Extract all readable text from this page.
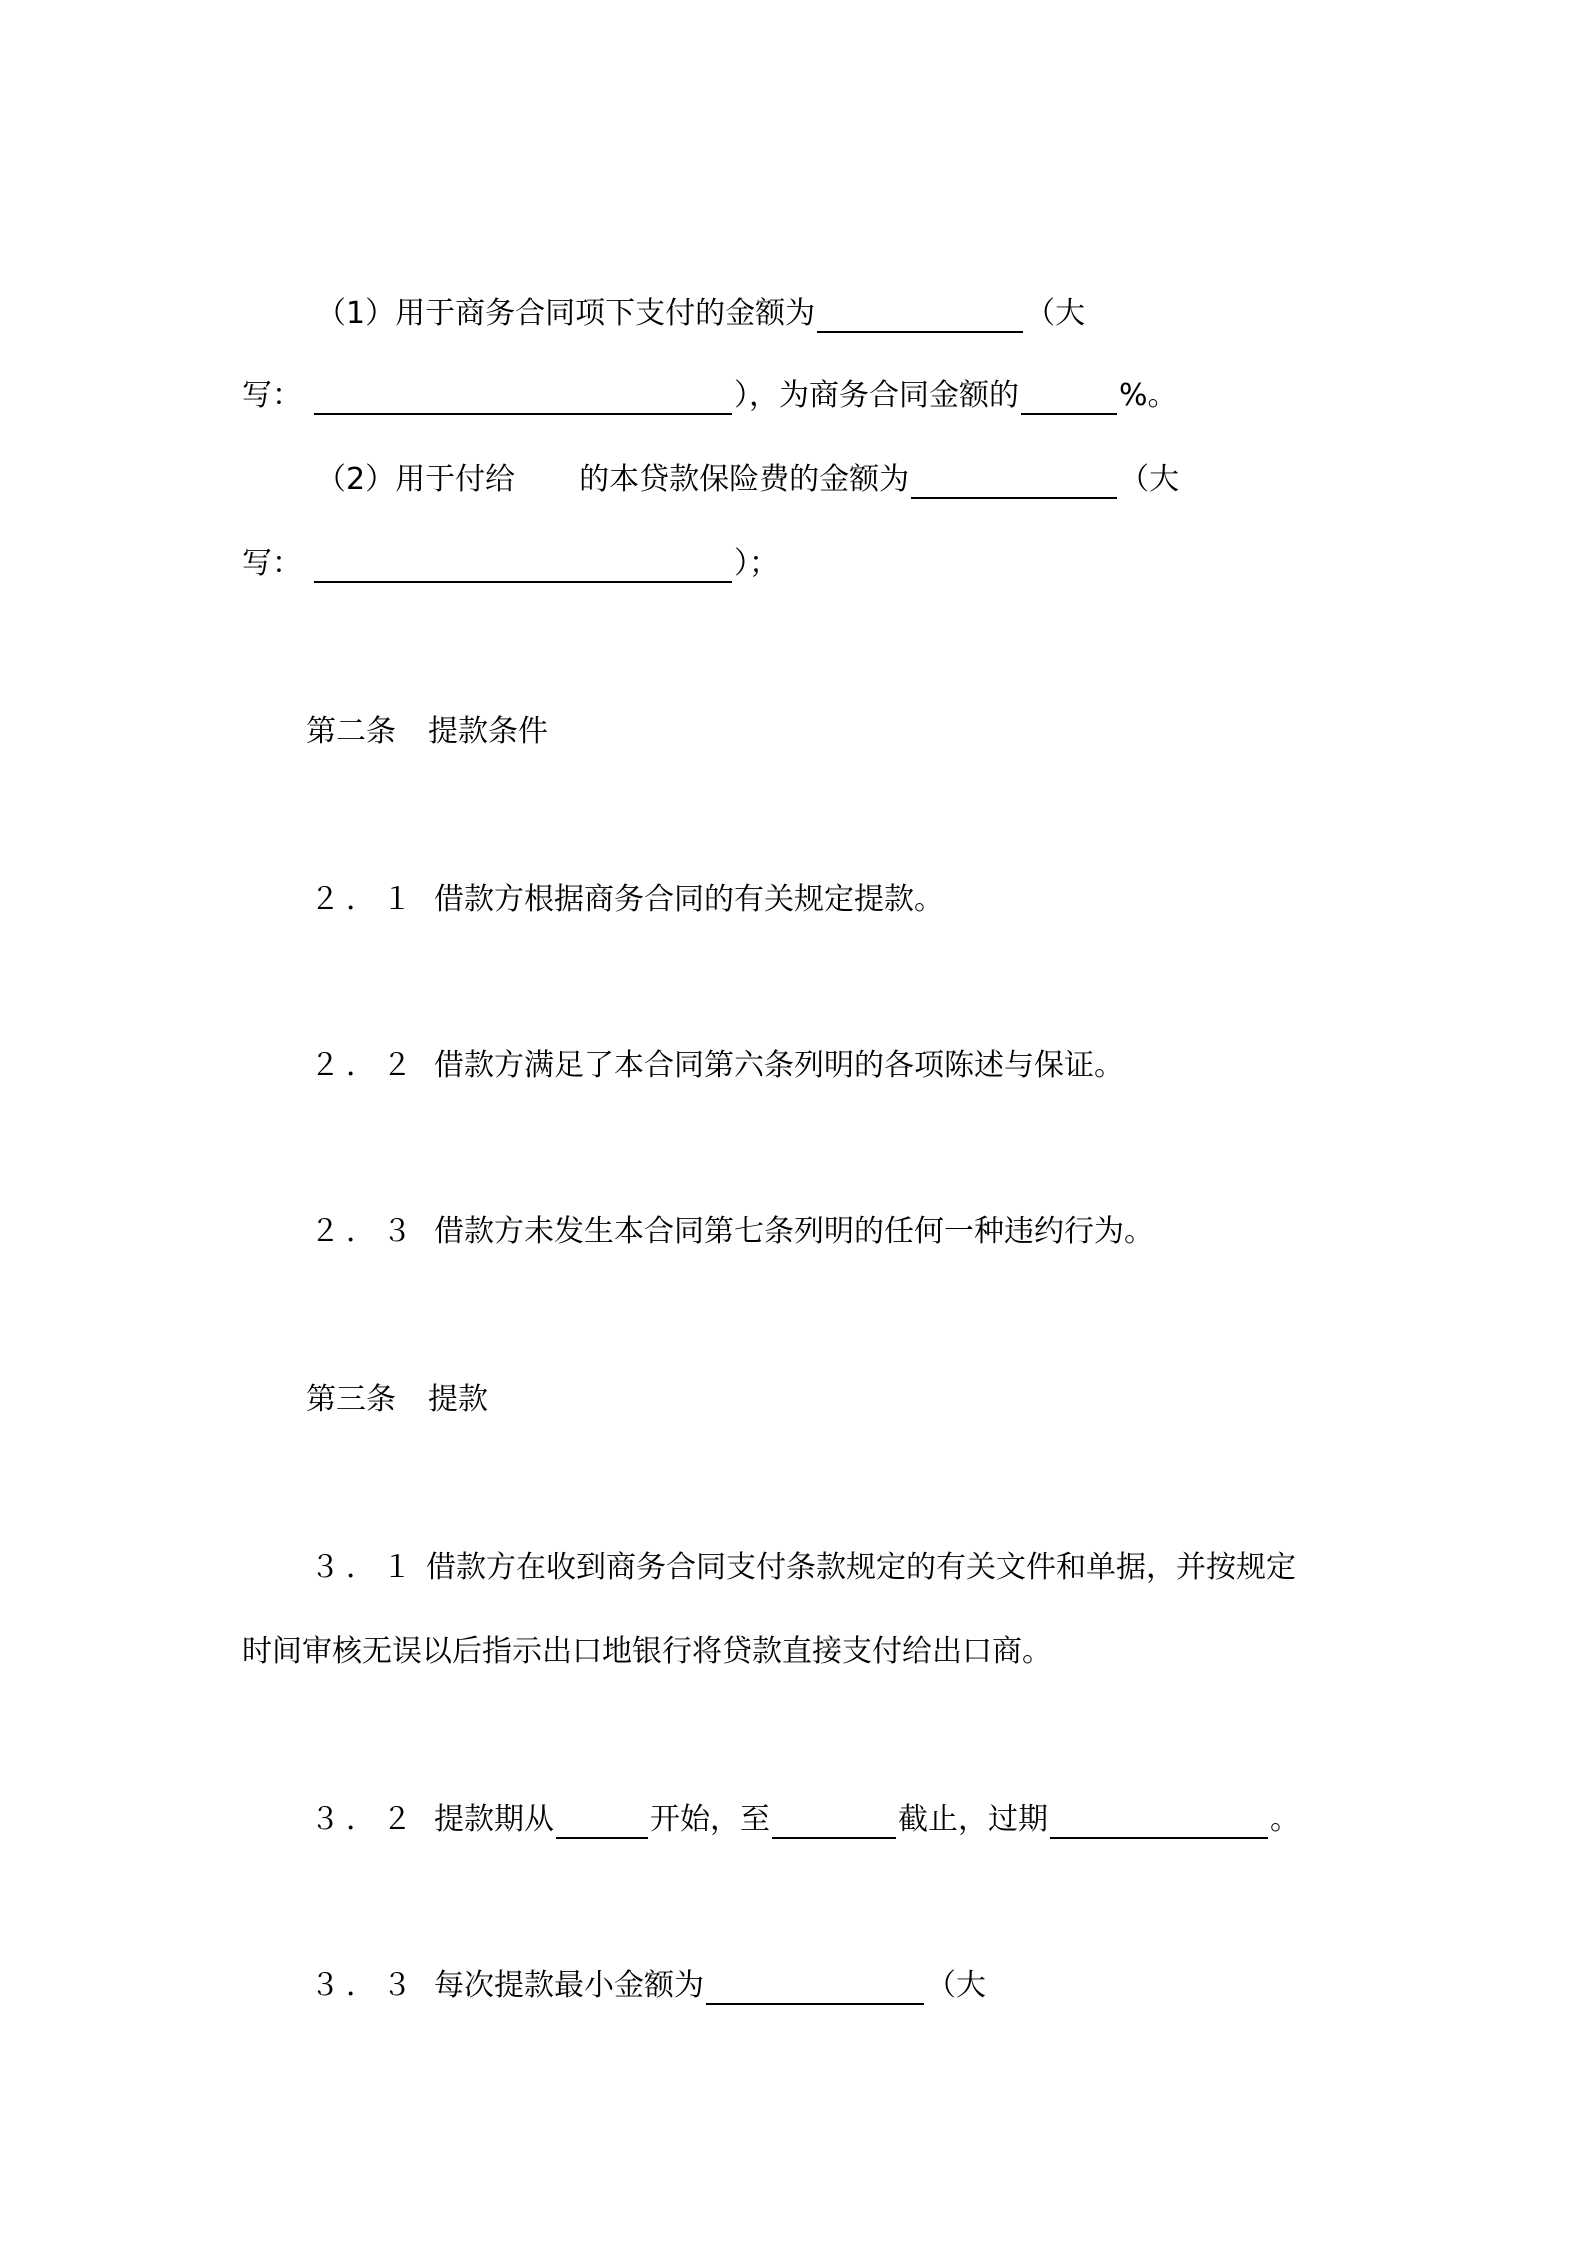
（1）用于商务合同项下支付的金额为	（大
写：	），为商务合同金额的	%。
（2）用于付给 的本贷款保险费的金额为	（大
写：	）；
第二条 提款条件
２．１ 借款方根据商务合同的有关规定提款。
２．２ 借款方满足了本合同第六条列明的各项陈述与保证。
２．３ 借款方未发生本合同第七条列明的任何一种违约行为。
第三条 提款
３．１ 借款方在收到商务合同支付条款规定的有关文件和单据，并按规定
时间审核无误以后指示出口地银行将贷款直接支付给出口商。
３．２ 提款期从	开始，至	截止，过期	。
３．３ 每次提款最小金额为	（大
